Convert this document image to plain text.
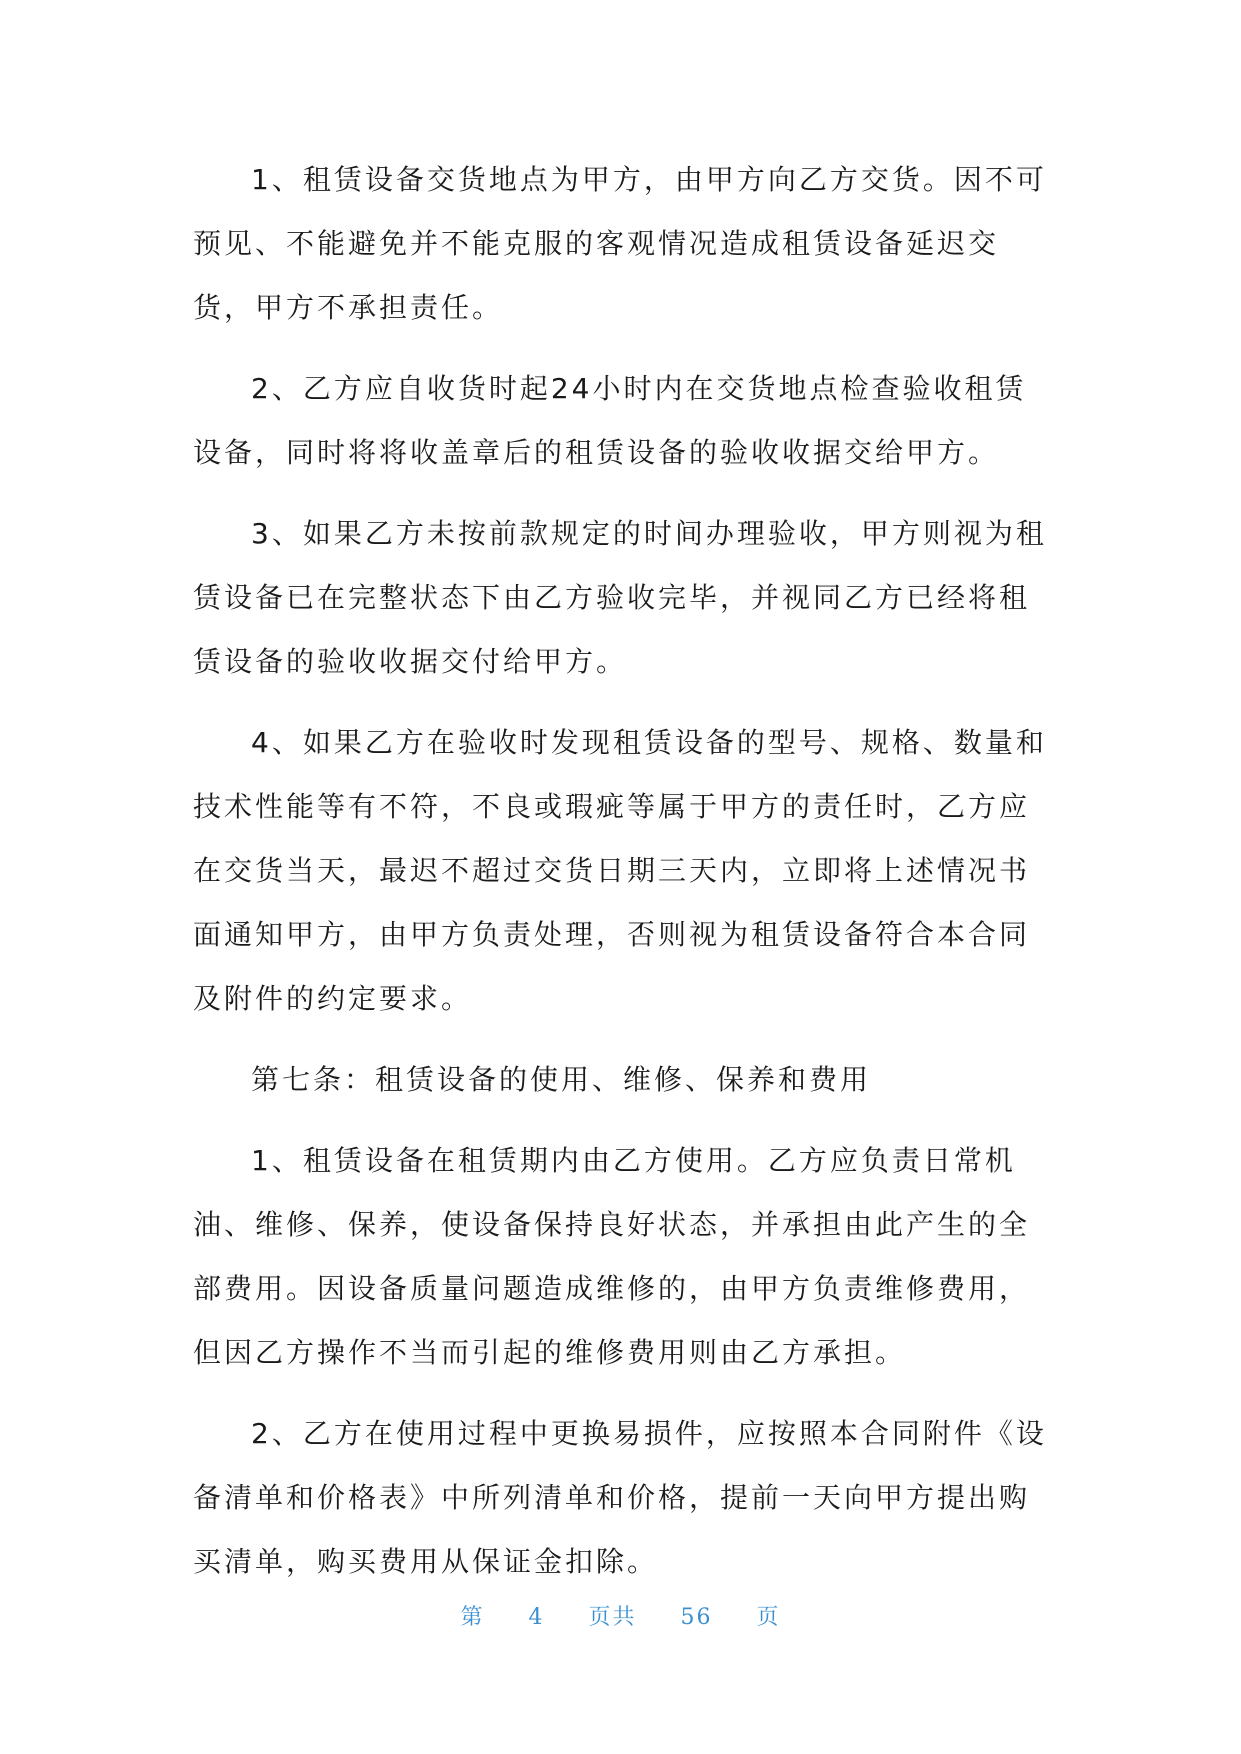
1、租赁设备交货地点为甲方，由甲方向乙方交货。因不可预见、不能避免并不能克服的客观情况造成租赁设备延迟交货，甲方不承担责任。

2、乙方应自收货时起24小时内在交货地点检查验收租赁设备，同时将将收盖章后的租赁设备的验收收据交给甲方。

3、如果乙方未按前款规定的时间办理验收，甲方则视为租赁设备已在完整状态下由乙方验收完毕，并视同乙方已经将租赁设备的验收收据交付给甲方。

4、如果乙方在验收时发现租赁设备的型号、规格、数量和技术性能等有不符，不良或瑕疵等属于甲方的责任时，乙方应在交货当天，最迟不超过交货日期三天内，立即将上述情况书面通知甲方，由甲方负责处理，否则视为租赁设备符合本合同及附件的约定要求。

第七条：租赁设备的使用、维修、保养和费用

1、租赁设备在租赁期内由乙方使用。乙方应负责日常机油、维修、保养，使设备保持良好状态，并承担由此产生的全部费用。因设备质量问题造成维修的，由甲方负责维修费用，但因乙方操作不当而引起的维修费用则由乙方承担。

2、乙方在使用过程中更换易损件，应按照本合同附件《设备清单和价格表》中所列清单和价格，提前一天向甲方提出购买清单，购买费用从保证金扣除。

第 4 页共 56 页
